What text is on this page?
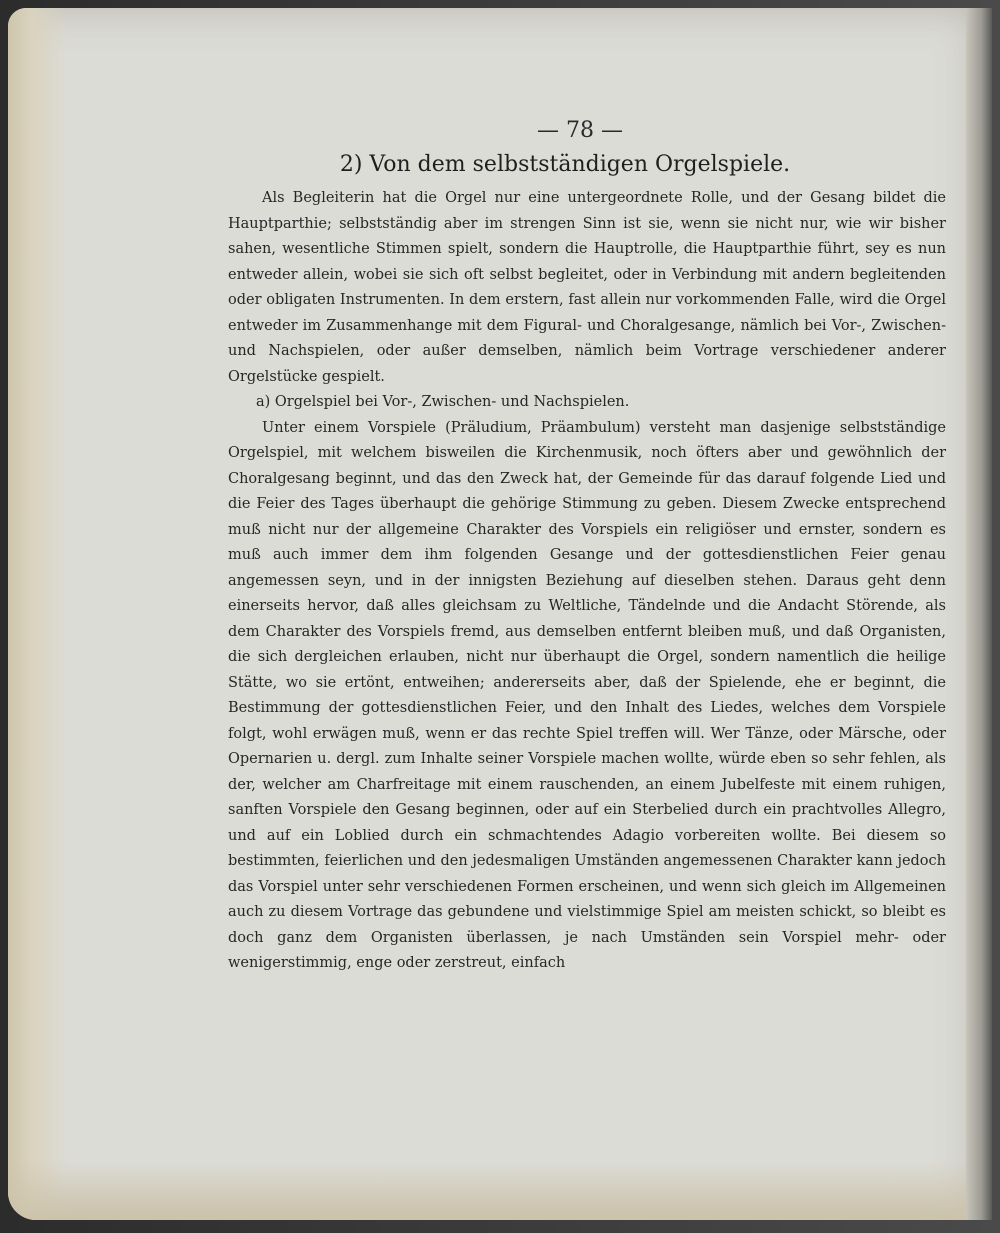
— 78 —
2) Von dem selbstständigen Orgelspiele.

Als Begleiterin hat die Orgel nur eine untergeordnete Rolle, und der Gesang bildet die Hauptparthie; selbstständig aber im strengen Sinn ist sie, wenn sie nicht nur, wie wir bisher sahen, wesentliche Stimmen spielt, sondern die Hauptrolle, die Hauptparthie führt, sey es nun entweder allein, wobei sie sich oft selbst begleitet, oder in Verbindung mit andern begleitenden oder obligaten Instrumenten. In dem erstern, fast allein nur vorkommenden Falle, wird die Orgel entweder im Zusammenhange mit dem Figural- und Choralgesange, nämlich bei Vor-, Zwischen- und Nachspielen, oder außer demselben, nämlich beim Vortrage verschiedener anderer Orgelstücke gespielt.

a) Orgelspiel bei Vor-, Zwischen- und Nachspielen.

Unter einem Vorspiele (Präludium, Präambulum) versteht man dasjenige selbstständige Orgelspiel, mit welchem bisweilen die Kirchenmusik, noch öfters aber und gewöhnlich der Choralgesang beginnt, und das den Zweck hat, der Gemeinde für das darauf folgende Lied und die Feier des Tages überhaupt die gehörige Stimmung zu geben. Diesem Zwecke entsprechend muß nicht nur der allgemeine Charakter des Vorspiels ein religiöser und ernster, sondern es muß auch immer dem ihm folgenden Gesange und der gottesdienstlichen Feier genau angemessen seyn, und in der innigsten Beziehung auf dieselben stehen. Daraus geht denn einerseits hervor, daß alles gleichsam zu Weltliche, Tändelnde und die Andacht Störende, als dem Charakter des Vorspiels fremd, aus demselben entfernt bleiben muß, und daß Organisten, die sich dergleichen erlauben, nicht nur überhaupt die Orgel, sondern namentlich die heilige Stätte, wo sie ertönt, entweihen; andererseits aber, daß der Spielende, ehe er beginnt, die Bestimmung der gottesdienstlichen Feier, und den Inhalt des Liedes, welches dem Vorspiele folgt, wohl erwägen muß, wenn er das rechte Spiel treffen will. Wer Tänze, oder Märsche, oder Opernarien u. dergl. zum Inhalte seiner Vorspiele machen wollte, würde eben so sehr fehlen, als der, welcher am Charfreitage mit einem rauschenden, an einem Jubelfeste mit einem ruhigen, sanften Vorspiele den Gesang beginnen, oder auf ein Sterbelied durch ein prachtvolles Allegro, und auf ein Loblied durch ein schmachtendes Adagio vorbereiten wollte. Bei diesem so bestimmten, feierlichen und den jedesmaligen Umständen angemessenen Charakter kann jedoch das Vorspiel unter sehr verschiedenen Formen erscheinen, und wenn sich gleich im Allgemeinen auch zu diesem Vortrage das gebundene und vielstimmige Spiel am meisten schickt, so bleibt es doch ganz dem Organisten überlassen, je nach Umständen sein Vorspiel mehr- oder wenigerstimmig, enge oder zerstreut, einfach
